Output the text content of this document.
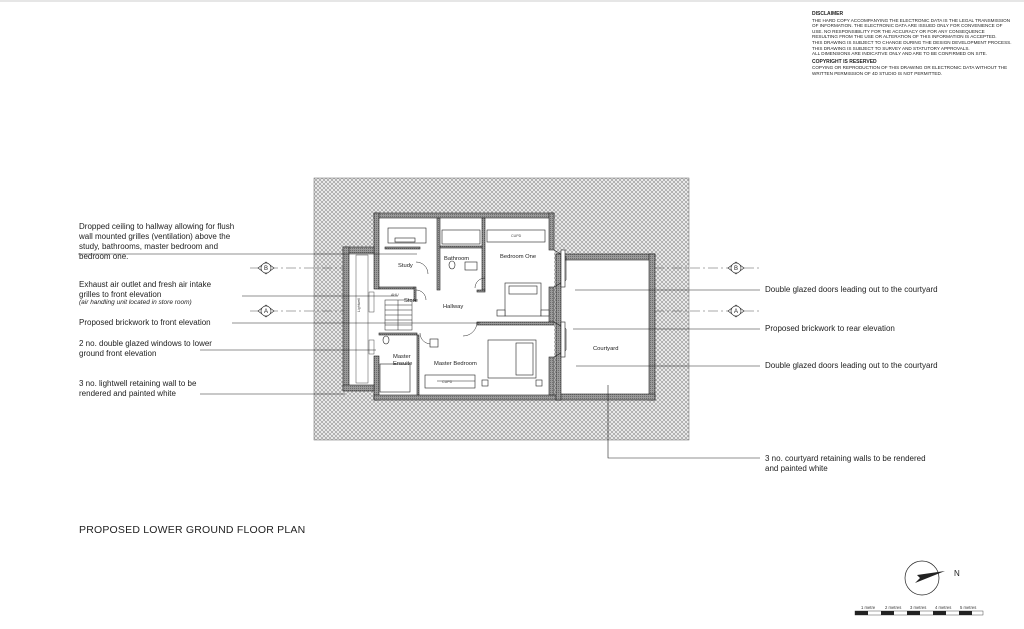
Study
Bathroom	Bedroom One
Store
Hallway
Master
Ensuite	Master Bedroom
Courtyard
CUPD
CUPD
AHU
Lightwell
B	B
A	A
N
1 metre 2 metres 3 metres 4 metres 5 metres
DISCLAIMER
THE HARD COPY ACCOMPANYING THE ELECTRONIC DATA IS THE LEGAL TRANSMISSION
OF INFORMATION. THE ELECTRONIC DATA ARE ISSUED ONLY FOR CONVENIENCE OF
USE. NO RESPONSIBILITY FOR THE ACCURACY OR FOR ANY CONSEQUENCE
RESULTING FROM THE USE OR ALTERATION OF THIS INFORMATION IS ACCEPTED.
THIS DRAWING IS SUBJECT TO CHANGE DURING THE DESIGN DEVELOPMENT PROCESS.
THIS DRAWING IS SUBJECT TO SURVEY AND STATUTORY APPROVALS.
ALL DIMENSIONS ARE INDICATIVE ONLY AND ARE TO BE CONFIRMED ON SITE.
COPYRIGHT IS RESERVED
COPYING OR REPRODUCTION OF THIS DRAWING OR ELECTRONIC DATA WITHOUT THE
WRITTEN PERMISSION OF 4D STUDIO IS NOT PERMITTED.
Dropped ceiling to hallway allowing for flush
wall mounted grilles (ventilation) above the
study, bathrooms, master bedroom and
bedroom one.
Exhaust air outlet and fresh air intake
grilles to front elevation
(air handling unit located in store room)
Proposed brickwork to front elevation
2 no. double glazed windows to lower
ground front elevation
3 no. lightwell retaining wall to be
rendered and painted white
Double glazed doors leading out to the courtyard
Proposed brickwork to rear elevation
Double glazed doors leading out to the courtyard
3 no. courtyard retaining walls to be rendered
and painted white
PROPOSED LOWER GROUND FLOOR PLAN
